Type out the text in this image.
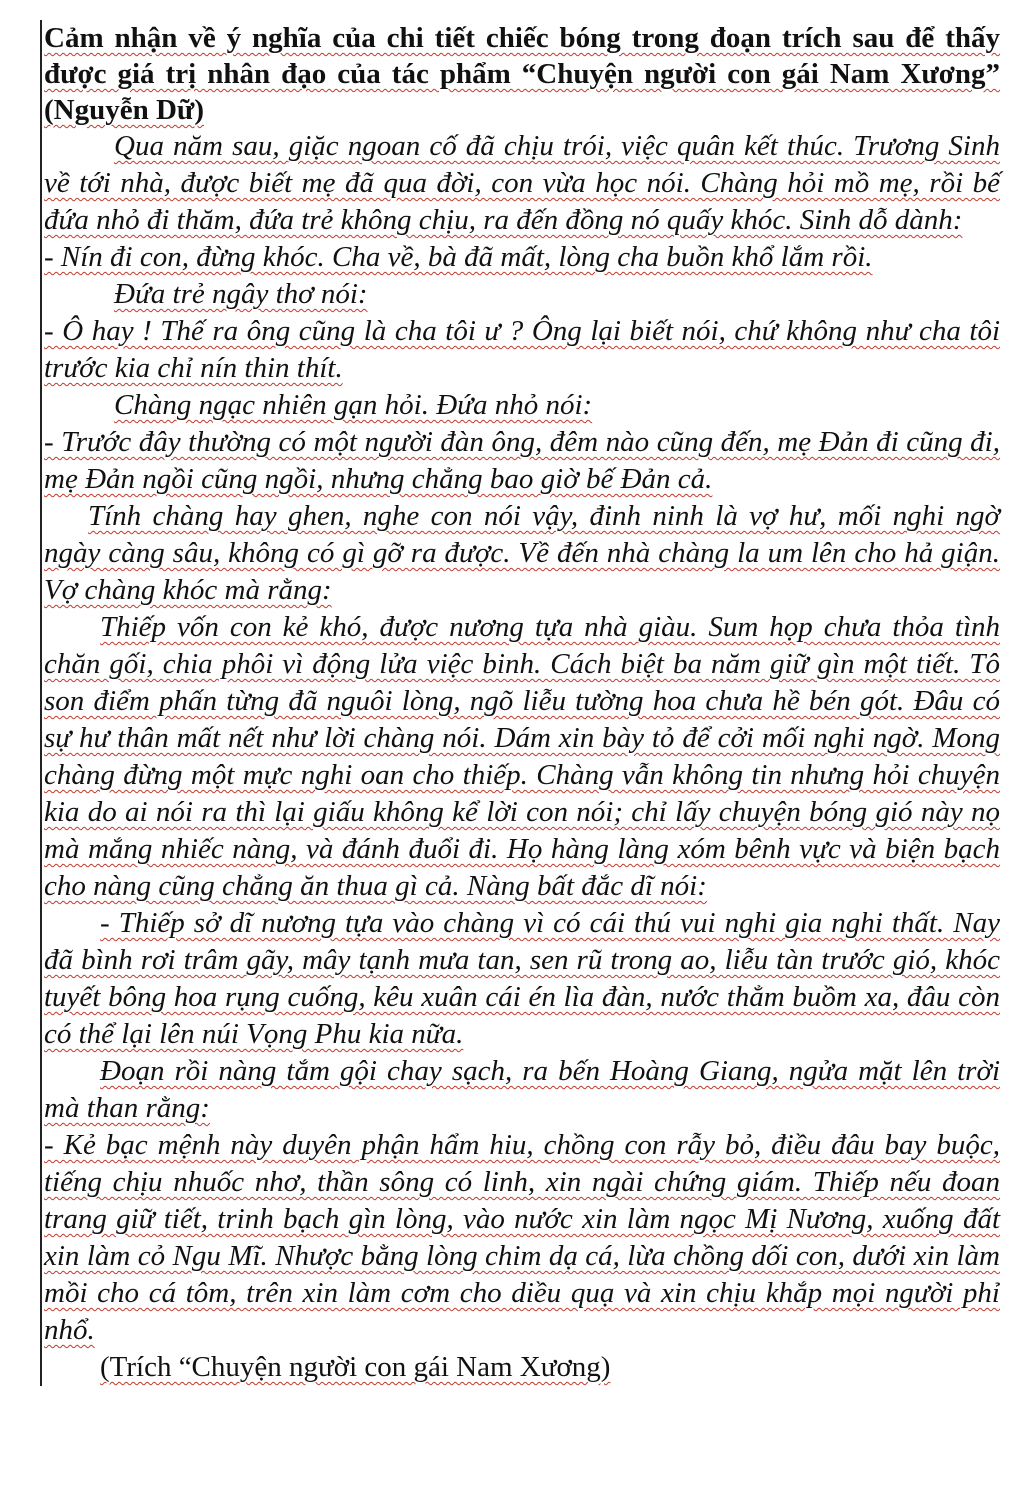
Cảm nhận về ý nghĩa của chi tiết chiếc bóng trong đoạn trích sau để thấy được giá trị nhân đạo của tác phẩm “Chuyện người con gái Nam Xương” (Nguyễn Dữ)

Qua năm sau, giặc ngoan cố đã chịu trói, việc quân kết thúc. Trương Sinh về tới nhà, được biết mẹ đã qua đời, con vừa học nói. Chàng hỏi mồ mẹ, rồi bế đứa nhỏ đi thăm, đứa trẻ không chịu, ra đến đồng nó quấy khóc. Sinh dỗ dành:

- Nín đi con, đừng khóc. Cha về, bà đã mất, lòng cha buồn khổ lắm rồi.

Đứa trẻ ngây thơ nói:

- Ô hay ! Thế ra ông cũng là cha tôi ư ? Ông lại biết nói, chứ không như cha tôi trước kia chỉ nín thin thít.

Chàng ngạc nhiên gạn hỏi. Đứa nhỏ nói:

- Trước đây thường có một người đàn ông, đêm nào cũng đến, mẹ Đản đi cũng đi, mẹ Đản ngồi cũng ngồi, nhưng chẳng bao giờ bế Đản cả.

Tính chàng hay ghen, nghe con nói vậy, đinh ninh là vợ hư, mối nghi ngờ ngày càng sâu, không có gì gỡ ra được. Về đến nhà chàng la um lên cho hả giận. Vợ chàng khóc mà rằng:

Thiếp vốn con kẻ khó, được nương tựa nhà giàu. Sum họp chưa thỏa tình chăn gối, chia phôi vì động lửa việc binh. Cách biệt ba năm giữ gìn một tiết. Tô son điểm phấn từng đã nguôi lòng, ngõ liễu tường hoa chưa hề bén gót. Đâu có sự hư thân mất nết như lời chàng nói. Dám xin bày tỏ để cởi mối nghi ngờ. Mong chàng đừng một mực nghi oan cho thiếp. Chàng vẫn không tin nhưng hỏi chuyện kia do ai nói ra thì lại giấu không kể lời con nói; chỉ lấy chuyện bóng gió này nọ mà mắng nhiếc nàng, và đánh đuổi đi. Họ hàng làng xóm bênh vực và biện bạch cho nàng cũng chẳng ăn thua gì cả. Nàng bất đắc dĩ nói:

- Thiếp sở dĩ nương tựa vào chàng vì có cái thú vui nghi gia nghi thất. Nay đã bình rơi trâm gãy, mây tạnh mưa tan, sen rũ trong ao, liễu tàn trước gió, khóc tuyết bông hoa rụng cuống, kêu xuân cái én lìa đàn, nước thẳm buồm xa, đâu còn có thể lại lên núi Vọng Phu kia nữa.

Đoạn rồi nàng tắm gội chay sạch, ra bến Hoàng Giang, ngửa mặt lên trời mà than rằng:

- Kẻ bạc mệnh này duyên phận hẩm hiu, chồng con rẫy bỏ, điều đâu bay buộc, tiếng chịu nhuốc nhơ, thần sông có linh, xin ngài chứng giám. Thiếp nếu đoan trang giữ tiết, trinh bạch gìn lòng, vào nước xin làm ngọc Mị Nương, xuống đất xin làm cỏ Ngu Mĩ. Nhược bằng lòng chim dạ cá, lừa chồng dối con, dưới xin làm mồi cho cá tôm, trên xin làm cơm cho diều quạ và xin chịu khắp mọi người phỉ nhổ.

(Trích “Chuyện người con gái Nam Xương)
